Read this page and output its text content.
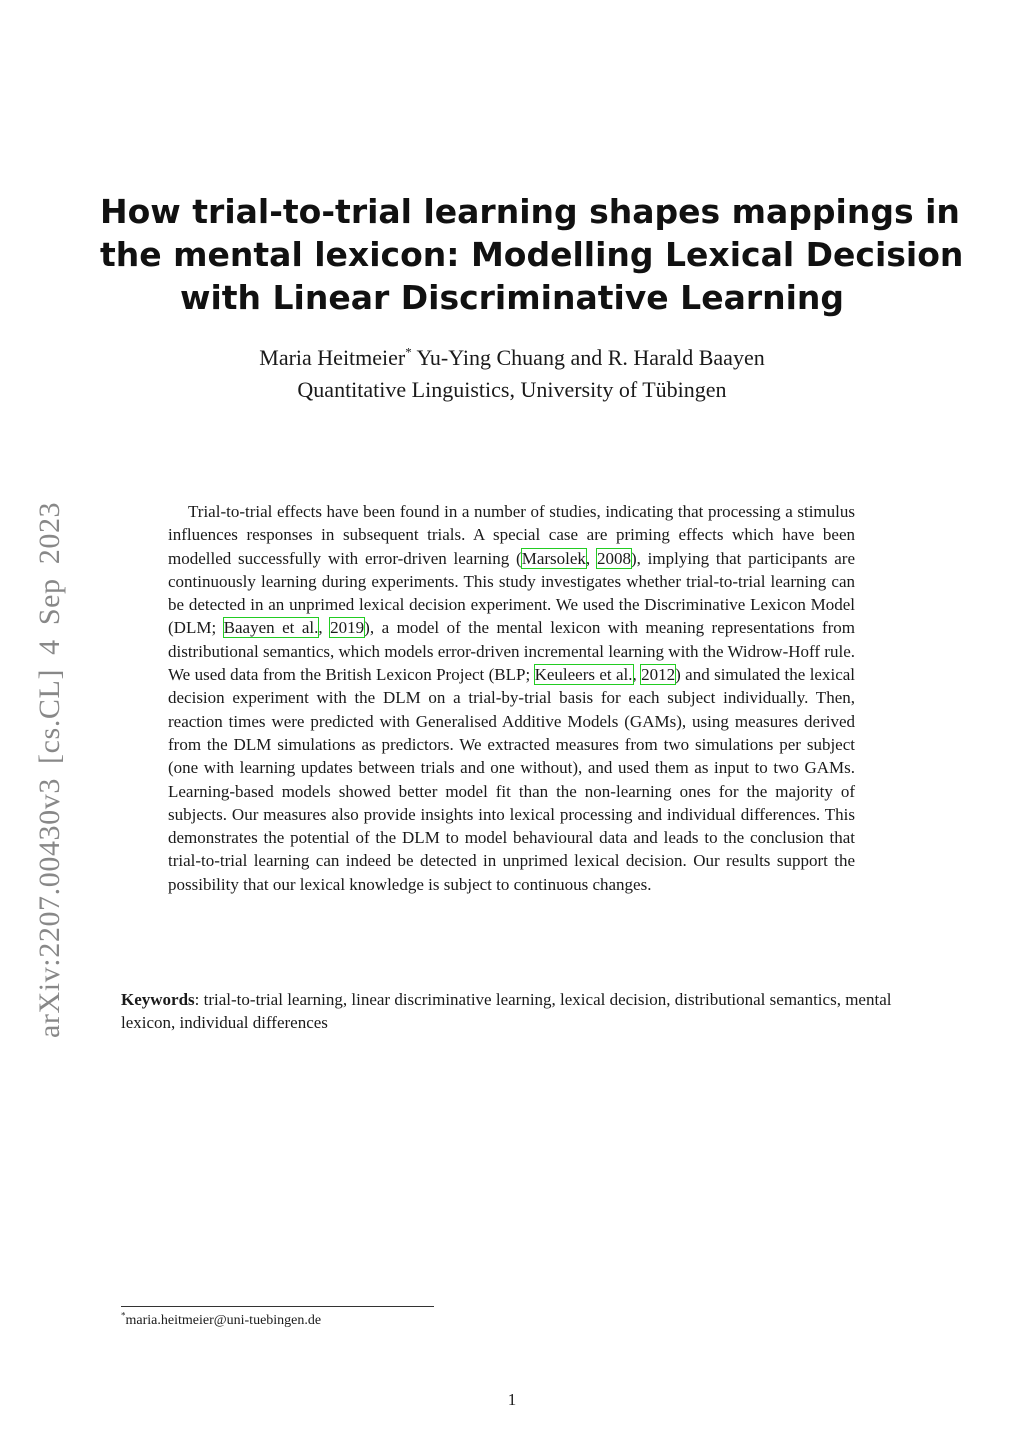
arXiv:2207.00430v3 [cs.CL] 4 Sep 2023
How trial-to-trial learning shapes mappings in
the mental lexicon: Modelling Lexical Decision
with Linear Discriminative Learning
Maria Heitmeier* Yu-Ying Chuang and R. Harald Baayen
Quantitative Linguistics, University of Tübingen

Trial-to-trial effects have been found in a number of studies, indicating that processing a stimulus influences responses in subsequent trials. A special case are priming effects which have been modelled successfully with error-driven learning (Marsolek, 2008), implying that participants are continuously learning during experiments. This study investigates whether trial-to-trial learning can be detected in an unprimed lexical decision experiment. We used the Discriminative Lexicon Model (DLM; Baayen et al., 2019), a model of the mental lexicon with meaning representations from distributional semantics, which models error-driven incremental learning with the Widrow-Hoff rule. We used data from the British Lexicon Project (BLP; Keuleers et al., 2012) and simulated the lexical decision experiment with the DLM on a trial-by-trial basis for each subject individually. Then, reaction times were predicted with Generalised Additive Models (GAMs), using measures derived from the DLM simulations as predictors. We extracted measures from two simulations per subject (one with learning updates between trials and one without), and used them as input to two GAMs. Learning-based models showed better model fit than the non-learning ones for the majority of subjects. Our measures also provide insights into lexical processing and individual differences. This demonstrates the potential of the DLM to model behavioural data and leads to the conclusion that trial-to-trial learning can indeed be detected in unprimed lexical decision. Our results support the possibility that our lexical knowledge is subject to continuous changes.

Keywords: trial-to-trial learning, linear discriminative learning, lexical decision, distributional semantics, mental lexicon, individual differences
*maria.heitmeier@uni-tuebingen.de
1
